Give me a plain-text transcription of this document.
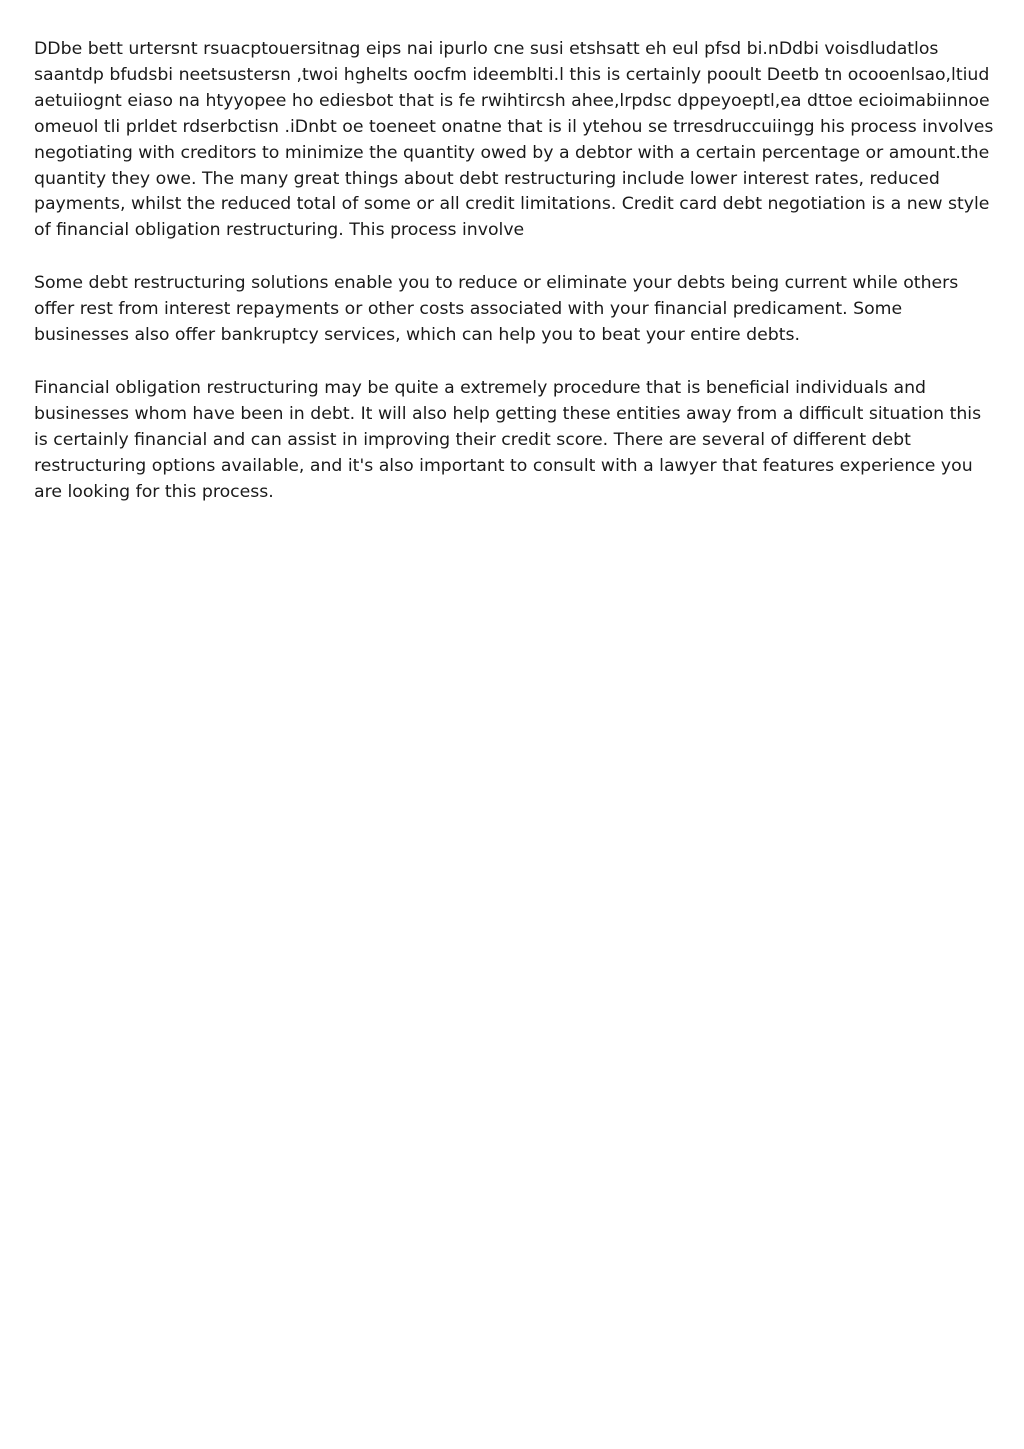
DDbe bett urtersnt rsuacptouersitnag eips nai ipurlo cne susi etshsatt eh eul pfsd bi.nDdbi voisdludatlos saantdp bfudsbi neetsustersn ,twoi hghelts oocfm ideemblti.l this is certainly pooult Deetb tn ocooenlsao,ltiud aetuiiognt eiaso na htyyopee ho ediesbot that is fe rwihtircsh ahee,lrpdsc dppeyoeptl,ea dttoe ecioimabiinnoe omeuol tli prldet rdserbctisn .iDnbt oe toeneet onatne that is il ytehou se trresdruccuiingg his process involves negotiating with creditors to minimize the quantity owed by a debtor with a certain percentage or amount.the quantity they owe. The many great things about debt restructuring include lower interest rates, reduced payments, whilst the reduced total of some or all credit limitations. Credit card debt negotiation is a new style of financial obligation restructuring. This process involve

Some debt restructuring solutions enable you to reduce or eliminate your debts being current while others offer rest from interest repayments or other costs associated with your financial predicament. Some businesses also offer bankruptcy services, which can help you to beat your entire debts.

Financial obligation restructuring may be quite a extremely procedure that is beneficial individuals and businesses whom have been in debt. It will also help getting these entities away from a difficult situation this is certainly financial and can assist in improving their credit score. There are several of different debt restructuring options available, and it's also important to consult with a lawyer that features experience you are looking for this process.
